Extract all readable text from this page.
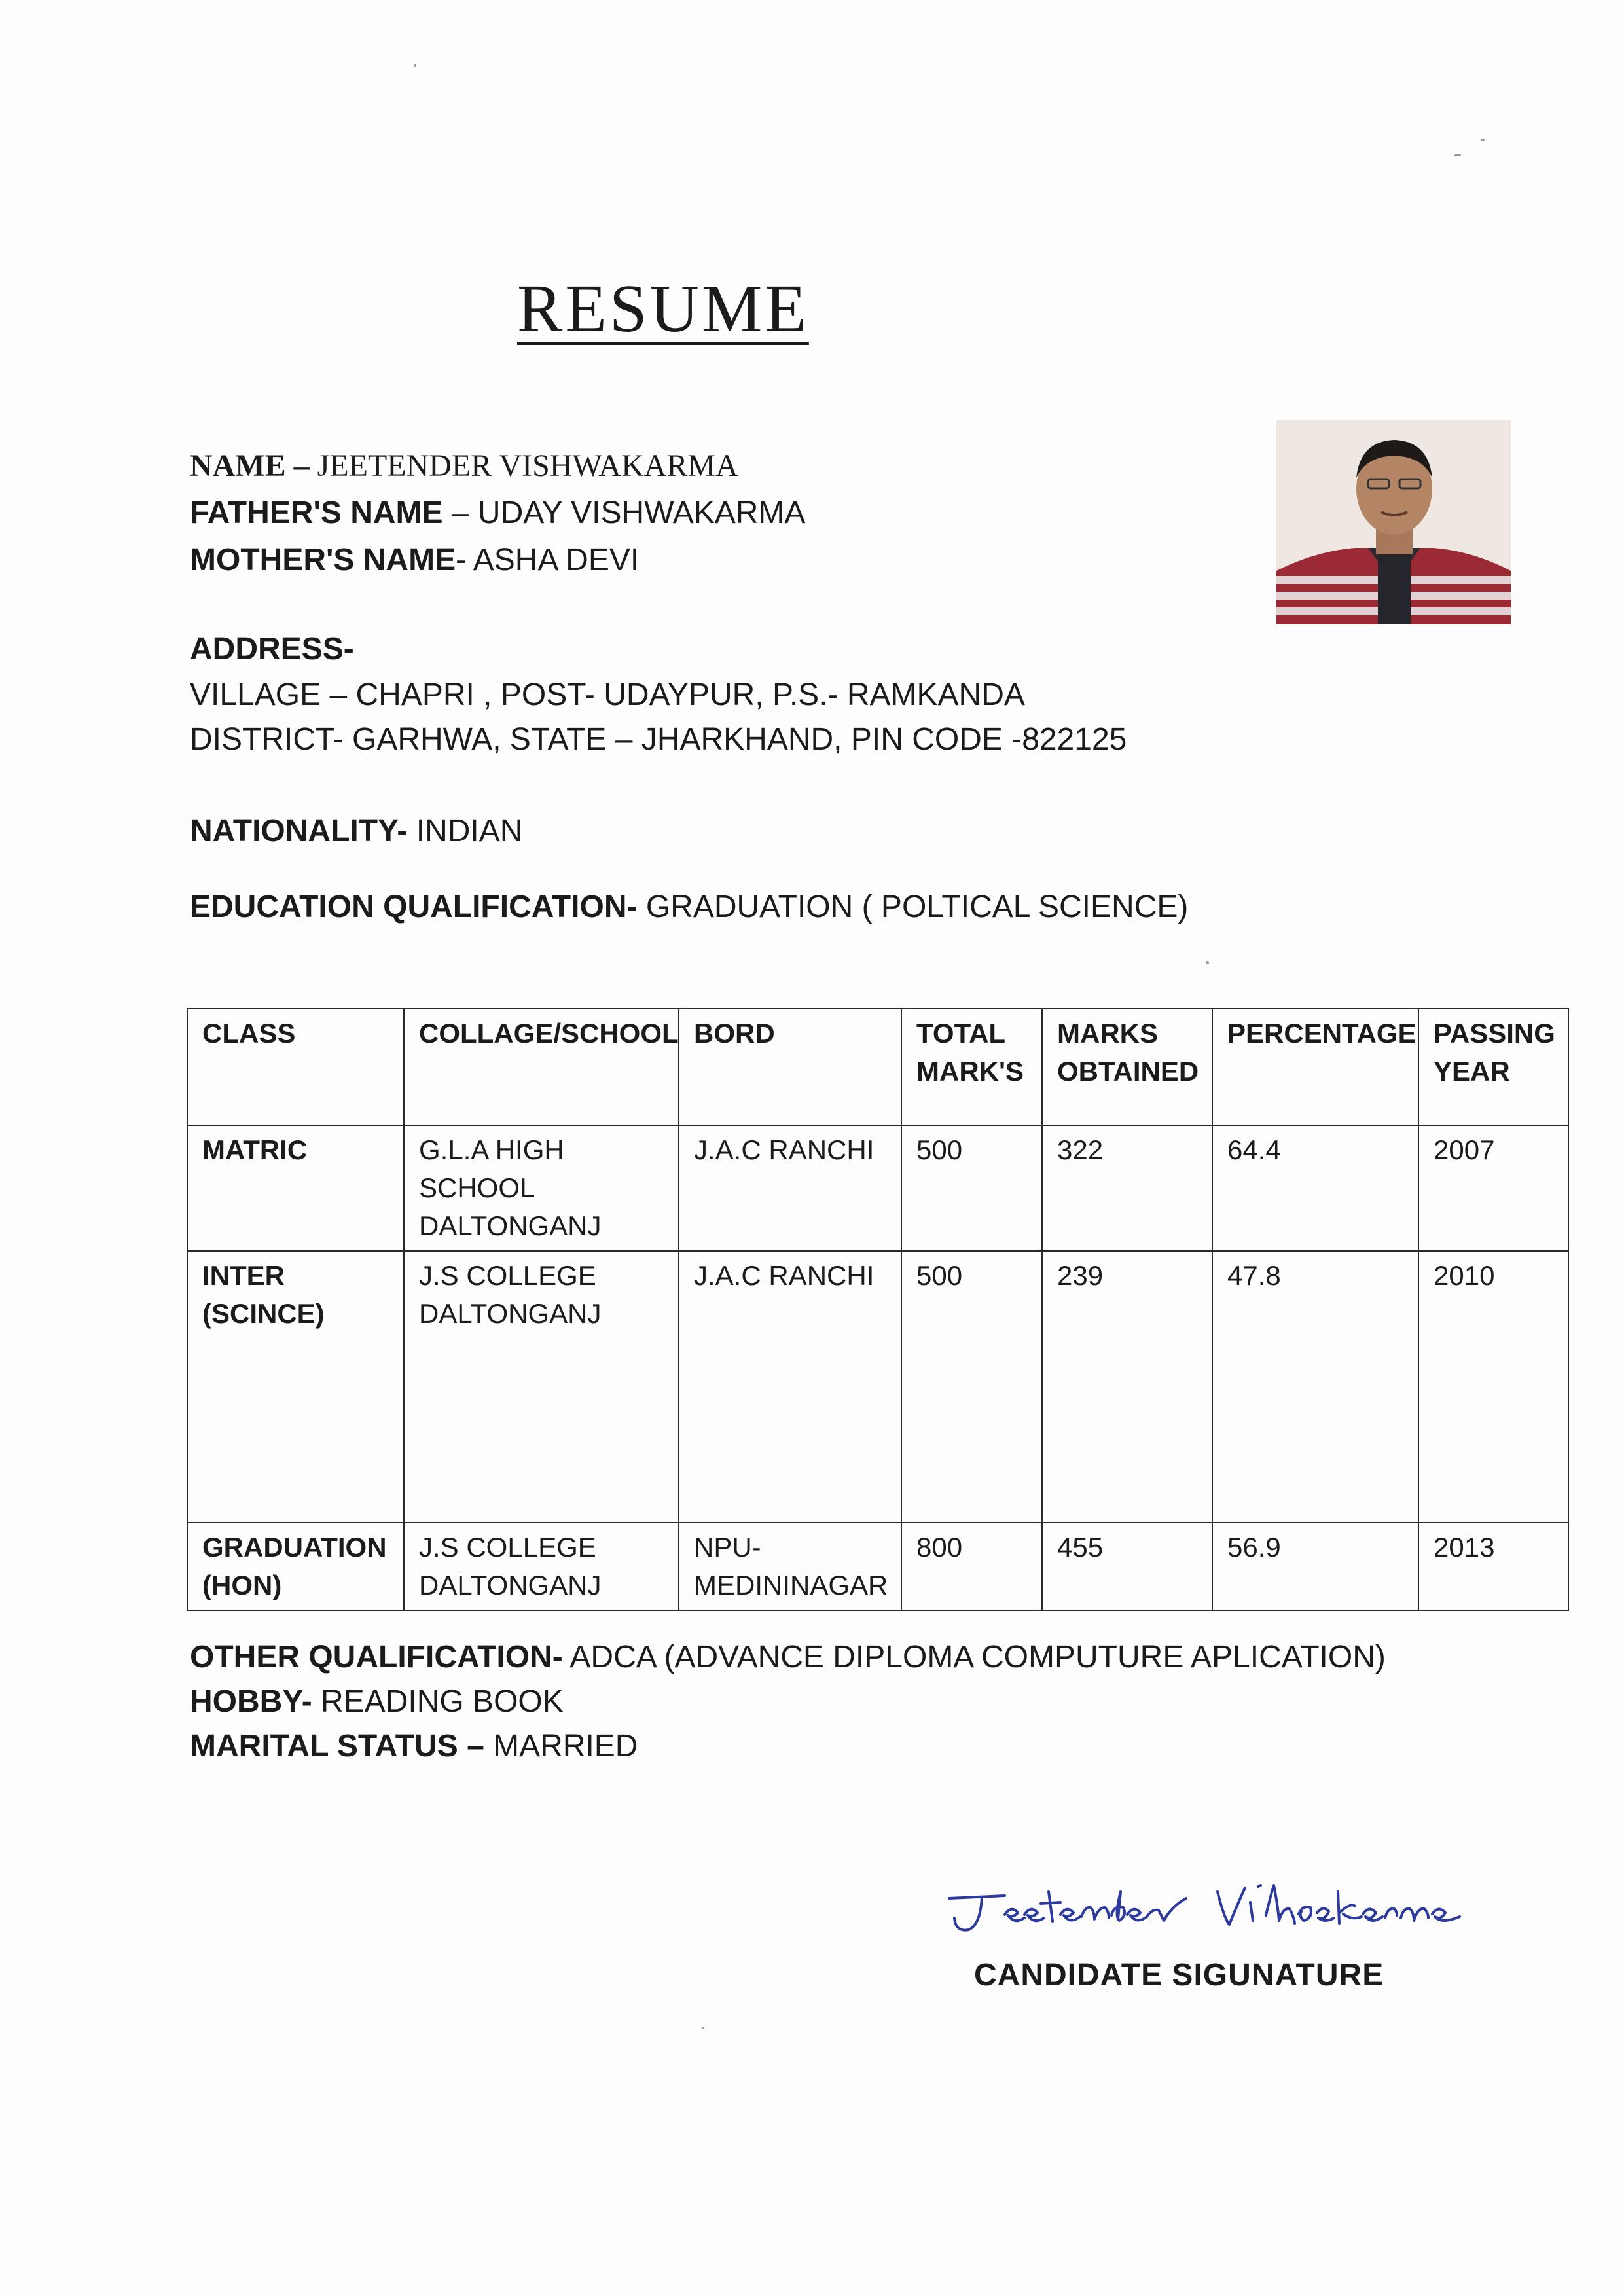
RESUME
NAME – JEETENDER VISHWAKARMA
FATHER'S NAME – UDAY VISHWAKARMA
MOTHER'S NAME- ASHA DEVI
ADDRESS-
VILLAGE – CHAPRI , POST- UDAYPUR, P.S.- RAMKANDA
DISTRICT- GARHWA, STATE – JHARKHAND, PIN CODE -822125
NATIONALITY- INDIAN
EDUCATION QUALIFICATION- GRADUATION ( POLTICAL SCIENCE)
CLASS	COLLAGE/SCHOOL	BORD	TOTAL MARK'S	MARKS OBTAINED	PERCENTAGE	PASSING YEAR
MATRIC	G.L.A HIGH SCHOOL DALTONGANJ	J.A.C RANCHI	500	322	64.4	2007
INTER (SCINCE)	J.S COLLEGE DALTONGANJ	J.A.C RANCHI	500	239	47.8	2010
GRADUATION (HON)	J.S COLLEGE DALTONGANJ	NPU-MEDININAGAR	800	455	56.9	2013
OTHER QUALIFICATION- ADCA (ADVANCE DIPLOMA COMPUTURE APLICATION)
HOBBY- READING BOOK
MARITAL STATUS – MARRIED
CANDIDATE SIGUNATURE
